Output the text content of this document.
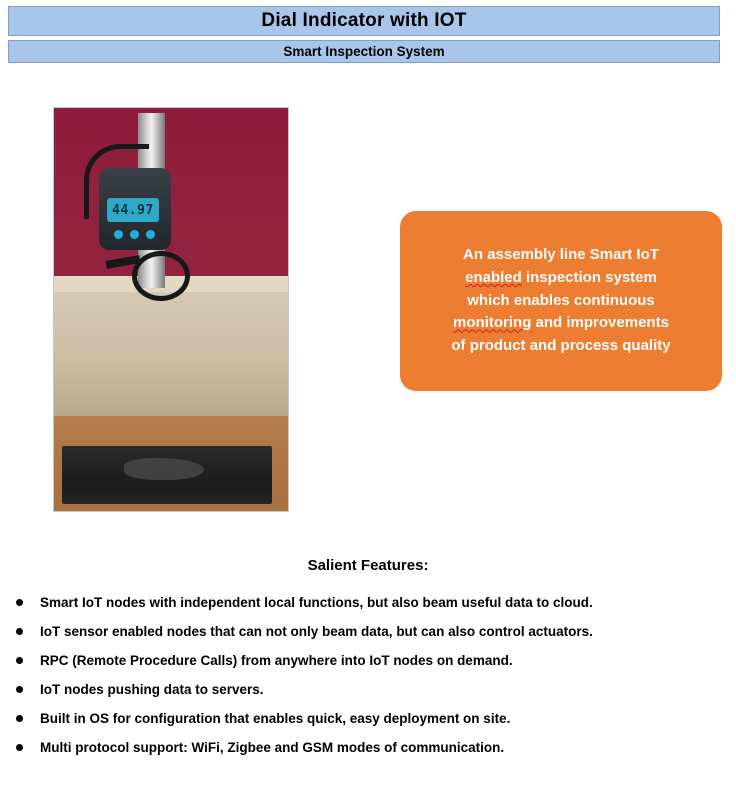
Dial Indicator with IOT
Smart Inspection System
44.97

An assembly line Smart IoT
enabled inspection system
which enables continuous
monitoring and improvements
of product and process quality

Salient Features:
Smart IoT nodes with independent local functions, but also beam useful data to cloud.
IoT sensor enabled nodes that can not only beam data, but can also control actuators.
RPC (Remote Procedure Calls) from anywhere into IoT nodes on demand.
IoT nodes pushing data to servers.
Built in OS for configuration that enables quick, easy deployment on site.
Multi protocol support: WiFi, Zigbee and GSM modes of communication.
